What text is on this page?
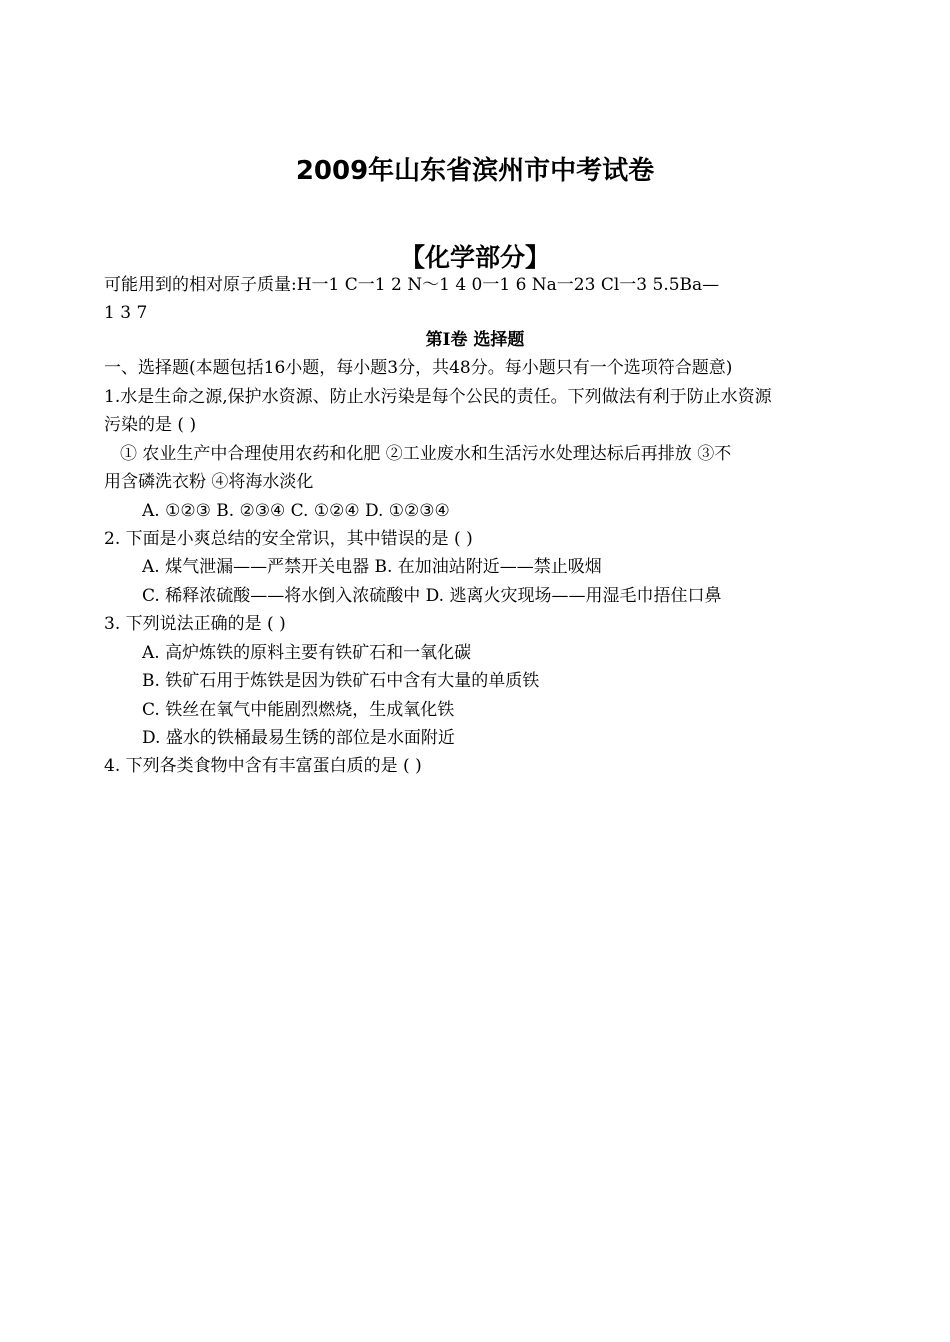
2009年山东省滨州市中考试卷
【化学部分】
可能用到的相对原子质量:H一1 C一1 2 N～1 4 0一1 6 Na一23 Cl一3 5.5Ba—
1 3 7
第Ⅰ卷 选择题
一、选择题(本题包括16小题，每小题3分，共48分。每小题只有一个选项符合题意)
1.水是生命之源,保护水资源、防止水污染是每个公民的责任。下列做法有利于防止水资源
污染的是 ( )
① 农业生产中合理使用农药和化肥 ②工业废水和生活污水处理达标后再排放 ③不
用含磷洗衣粉 ④将海水淡化
A. ①②③ B. ②③④ C. ①②④ D. ①②③④
2. 下面是小爽总结的安全常识，其中错误的是 ( )
A. 煤气泄漏——严禁开关电器 B. 在加油站附近——禁止吸烟
C. 稀释浓硫酸——将水倒入浓硫酸中 D. 逃离火灾现场——用湿毛巾捂住口鼻
3. 下列说法正确的是 ( )
A. 高炉炼铁的原料主要有铁矿石和一氧化碳
B. 铁矿石用于炼铁是因为铁矿石中含有大量的单质铁
C. 铁丝在氧气中能剧烈燃烧，生成氧化铁
D. 盛水的铁桶最易生锈的部位是水面附近
4. 下列各类食物中含有丰富蛋白质的是 ( )
